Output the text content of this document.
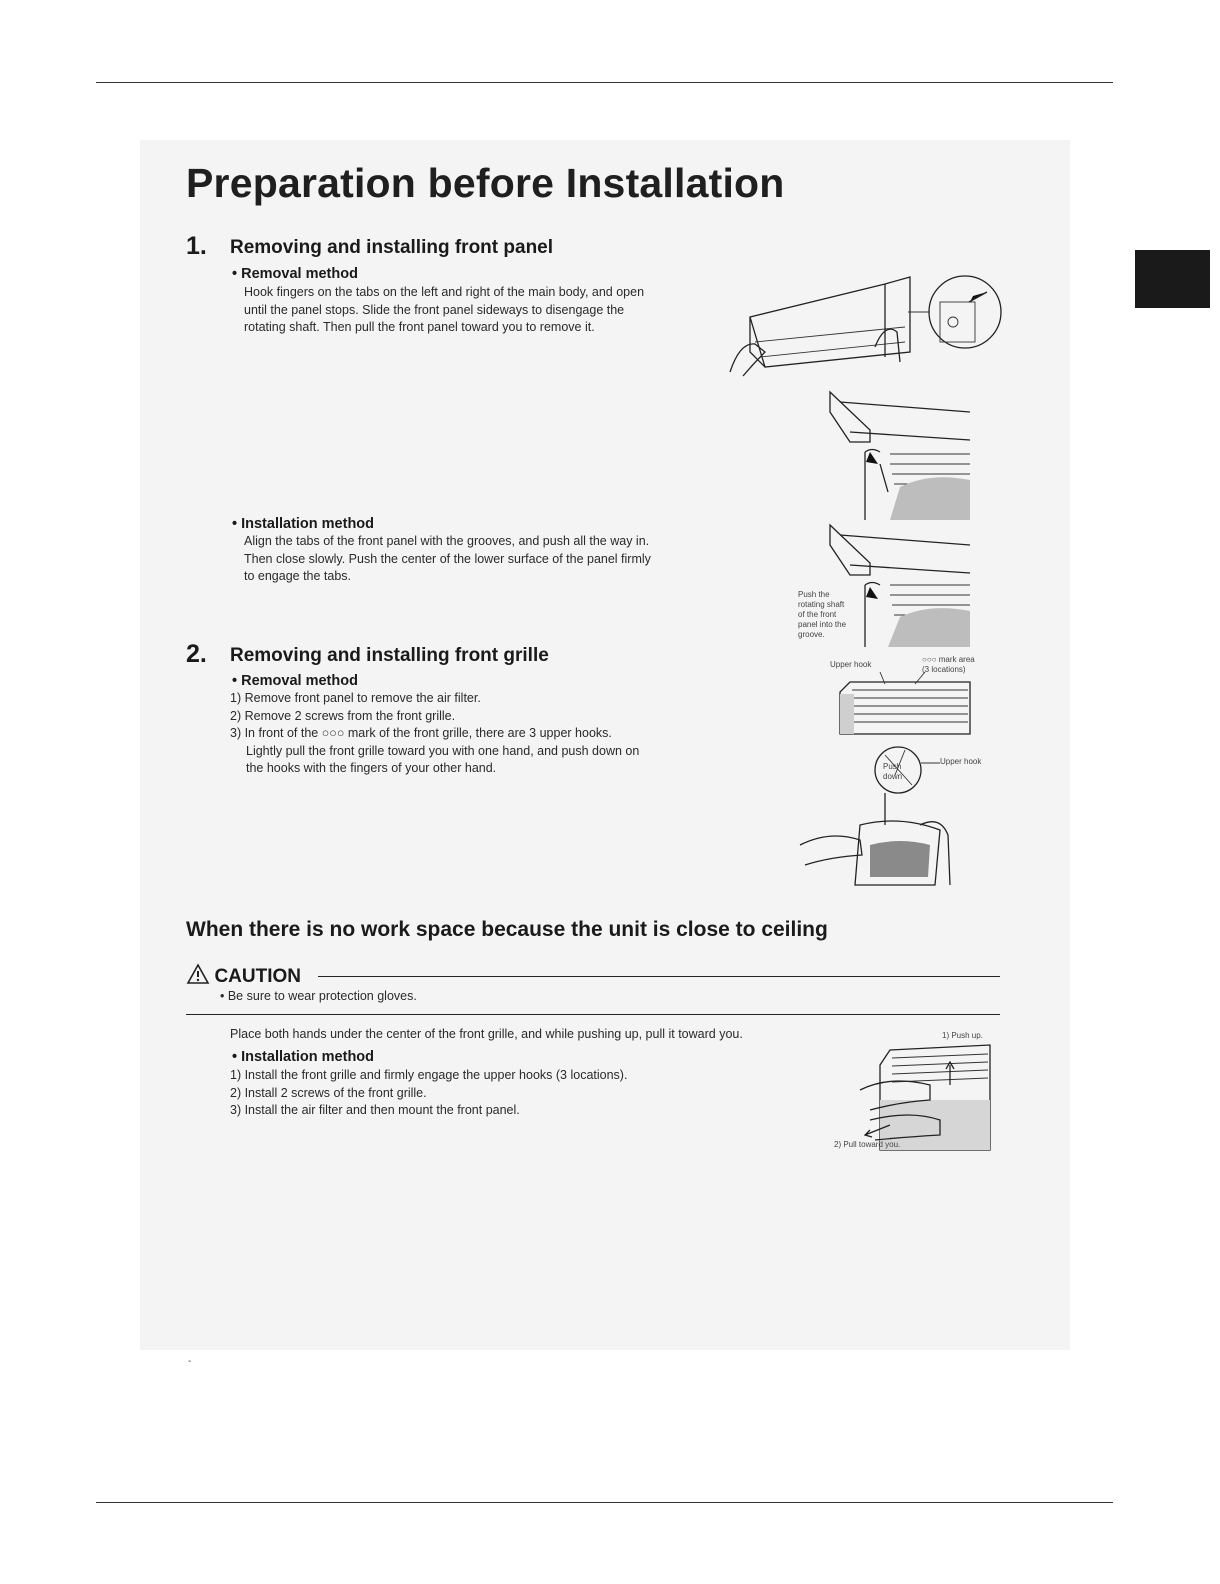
Preparation before Installation
1. Removing and installing front panel
• Removal method
Hook fingers on the tabs on the left and right of the main body, and open
until the panel stops. Slide the front panel sideways to disengage the
rotating shaft. Then pull the front panel toward you to remove it.
• Installation method
Align the tabs of the front panel with the grooves, and push all the way in.
Then close slowly. Push the center of the lower surface of the panel firmly
to engage the tabs.
Push the
rotating shaft
of the front
panel into the
groove.
2. Removing and installing front grille
• Removal method
1) Remove front panel to remove the air filter.
2) Remove 2 screws from the front grille.
3) In front of the ○○○ mark of the front grille, there are 3 upper hooks.
Lightly pull the front grille toward you with one hand, and push down on
the hooks with the fingers of your other hand.
Upper hook
○○○ mark area
(3 locations)
Upper hook
Push
down
When there is no work space because the unit is close to ceiling
CAUTION
• Be sure to wear protection gloves.
Place both hands under the center of the front grille, and while pushing up, pull it toward you.
• Installation method
1) Install the front grille and firmly engage the upper hooks (3 locations).
2) Install 2 screws of the front grille.
3) Install the air filter and then mount the front panel.
1) Push up.
2) Pull toward you.
-
